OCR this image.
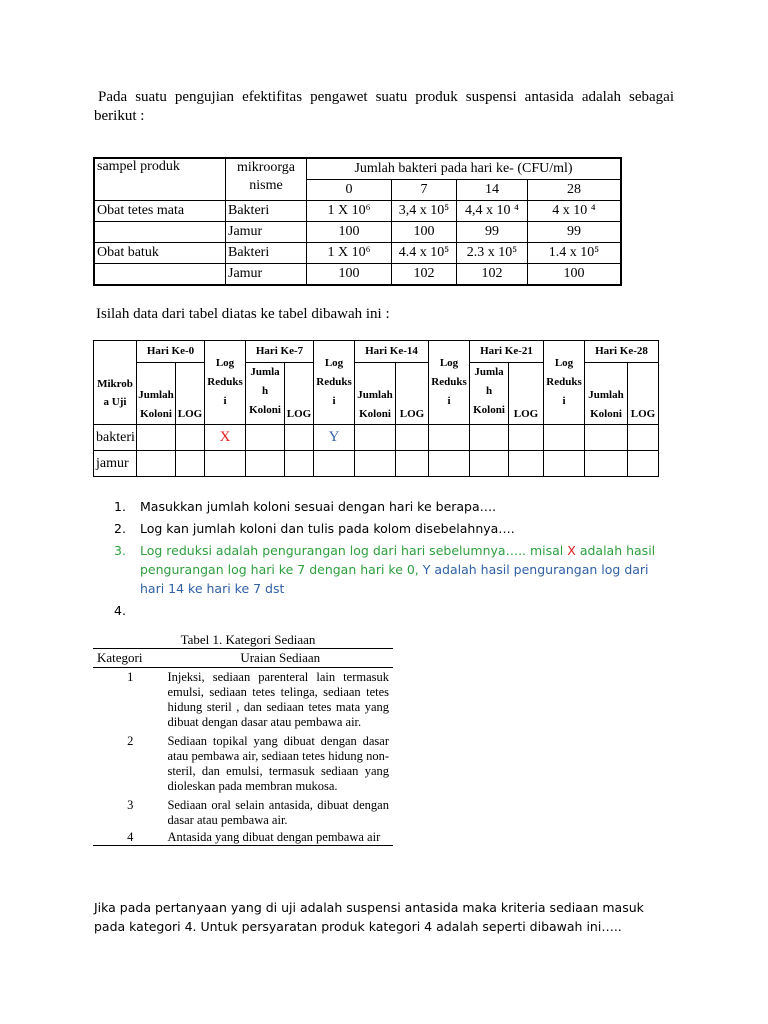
Pada suatu pengujian efektifitas pengawet suatu produk suspensi antasida adalah sebagai berikut :

sampel produk	mikroorga nisme	Jumlah bakteri pada hari ke- (CFU/ml)			
		0	7	14	28
Obat tetes mata	Bakteri	1 X 10⁶	3,4 x 10⁵	4,4 x 10 ⁴	4 x 10 ⁴
	Jamur	100	100	99	99
Obat batuk	Bakteri	1 X 10⁶	4.4 x 10⁵	2.3 x 10⁵	1.4 x 10⁵
	Jamur	100	102	102	100
Isilah data dari tabel diatas ke tabel dibawah ini :
Mikrob a Uji	Hari Ke-0		Log Reduks i	Hari Ke-7		Log Reduks i	Hari Ke-14		Log Reduks i	Hari Ke-21		Log Reduks i	Hari Ke-28	
	Jumlah Koloni	LOG		Jumla h Koloni	LOG		Jumlah Koloni	LOG		Jumla h Koloni	LOG		Jumlah Koloni	LOG

bakteri			X			Y								
jamur														
1. Masukkan jumlah koloni sesuai dengan hari ke berapa….
2. Log kan jumlah koloni dan tulis pada kolom disebelahnya….
3. Log reduksi adalah pengurangan log dari hari sebelumnya….. misal X adalah hasil pengurangan log hari ke 7 dengan hari ke 0, Y adalah hasil pengurangan log dari hari 14 ke hari ke 7 dst
4.

Tabel 1. Kategori Sediaan
Kategori	Uraian Sediaan
1	Injeksi, sediaan parenteral lain termasuk emulsi, sediaan tetes telinga, sediaan tetes hidung steril , dan sediaan tetes mata yang dibuat dengan dasar atau pembawa air.
2	Sediaan topikal yang dibuat dengan dasar atau pembawa air, sediaan tetes hidung non-steril, dan emulsi, termasuk sediaan yang dioleskan pada membran mukosa.
3	Sediaan oral selain antasida, dibuat dengan dasar atau pembawa air.
4	Antasida yang dibuat dengan pembawa air

Jika pada pertanyaan yang di uji adalah suspensi antasida maka kriteria sediaan masuk pada kategori 4. Untuk persyaratan produk kategori 4 adalah seperti dibawah ini…..
